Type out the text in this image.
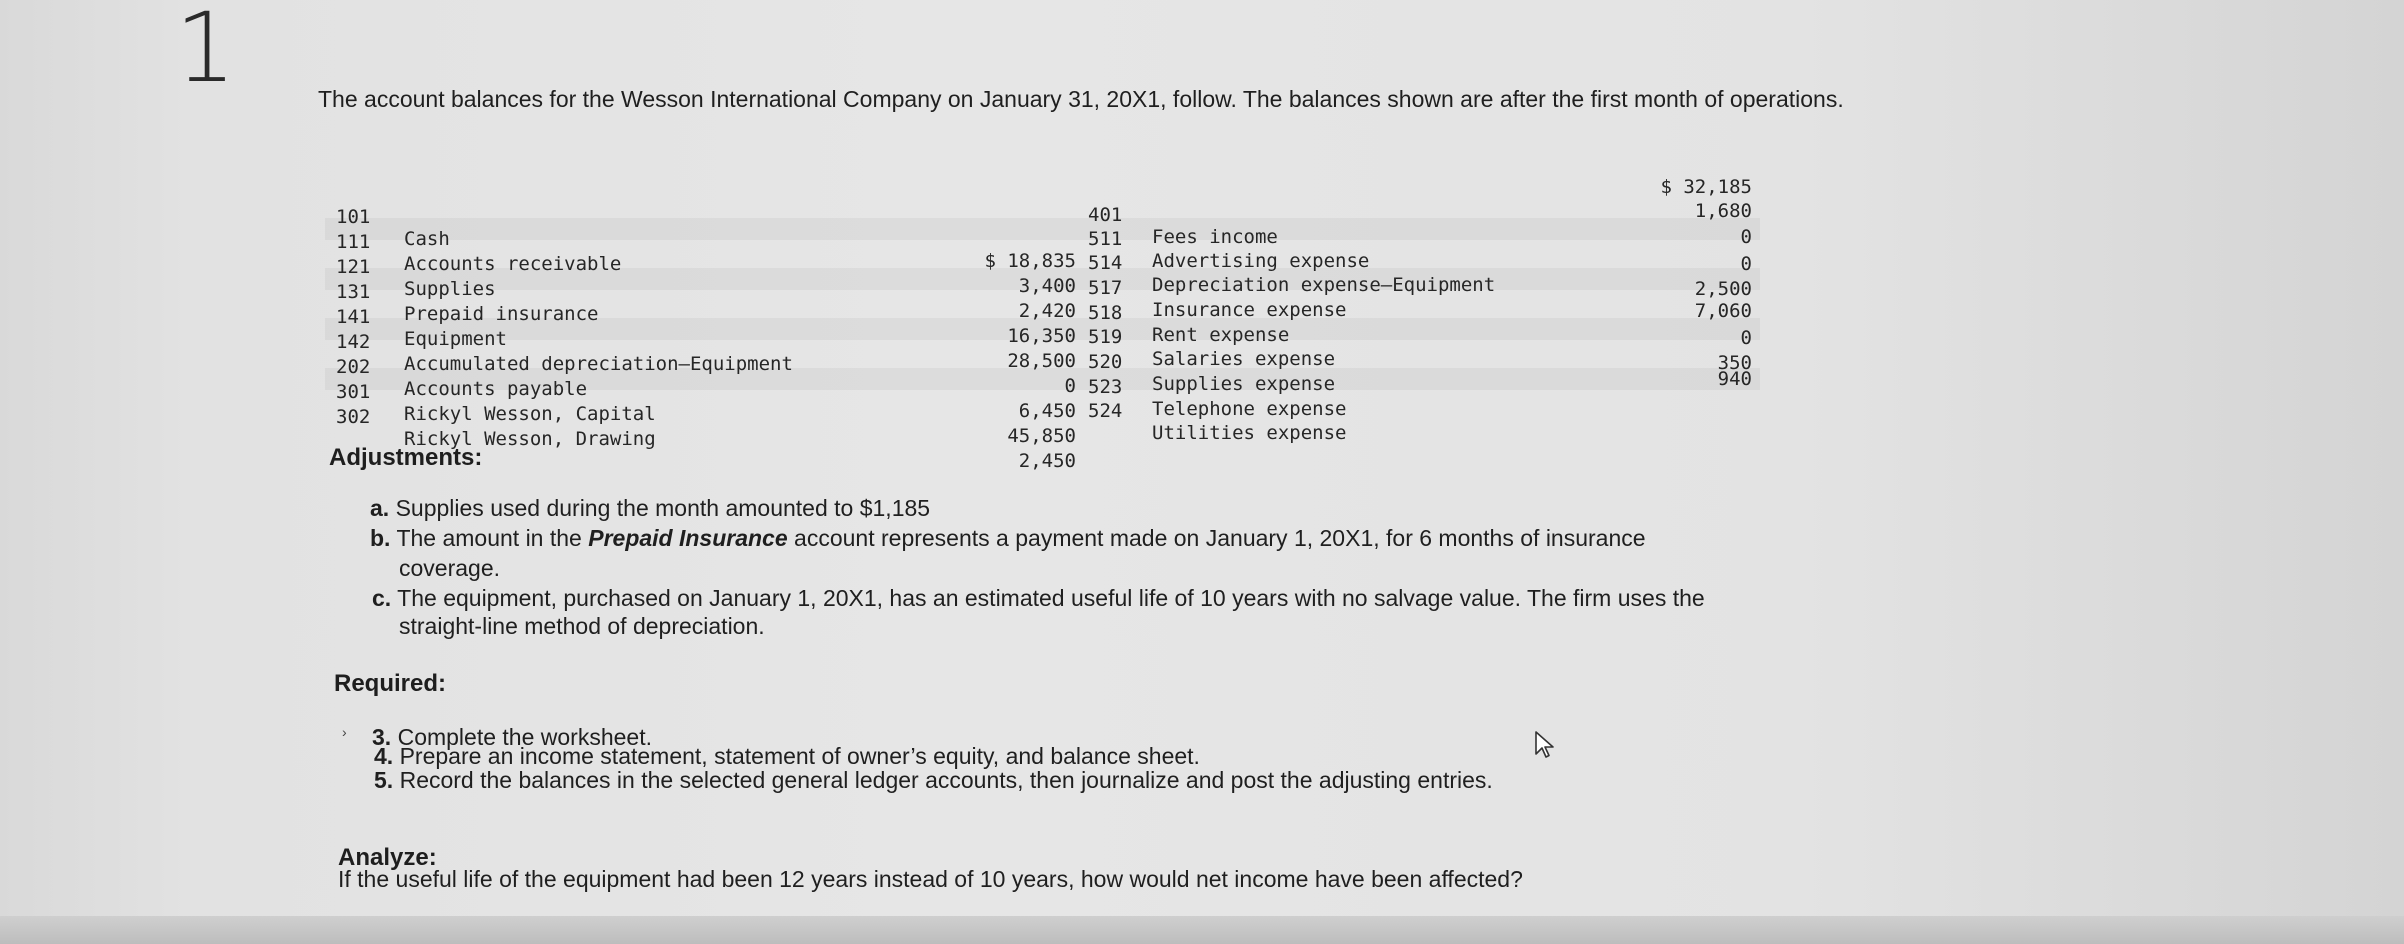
1	The account balances for the Wesson International Company on January 31, 20X1, follow. The balances shown are after the first month of operations.

101

Cash

$ 18,835

111

Accounts receivable

3,400

121

Supplies

2,420

131

Prepaid insurance

16,350

141

Equipment

28,500

142

Accumulated depreciation–Equipment

0

202

Accounts payable

6,450

301

Rickyl Wesson, Capital

45,850

302

Rickyl Wesson, Drawing

2,450

401

Fees income

$ 32,185

511

Advertising expense

1,680

514

Depreciation expense–Equipment

0

517

Insurance expense

0

518

Rent expense

2,500

519

Salaries expense

7,060

520

Supplies expense

0

523

Telephone expense

350

524

Utilities expense

940

Adjustments:
a. Supplies used during the month amounted to $1,185
b. The amount in the Prepaid Insurance account represents a payment made on January 1, 20X1, for 6 months of insurance
coverage.
c. The equipment, purchased on January 1, 20X1, has an estimated useful life of 10 years with no salvage value. The firm uses the
straight-line method of depreciation.
Required:
› 3. Complete the worksheet.
4. Prepare an income statement, statement of owner’s equity, and balance sheet.
5. Record the balances in the selected general ledger accounts, then journalize and post the adjusting entries.
Analyze:
If the useful life of the equipment had been 12 years instead of 10 years, how would net income have been affected?
